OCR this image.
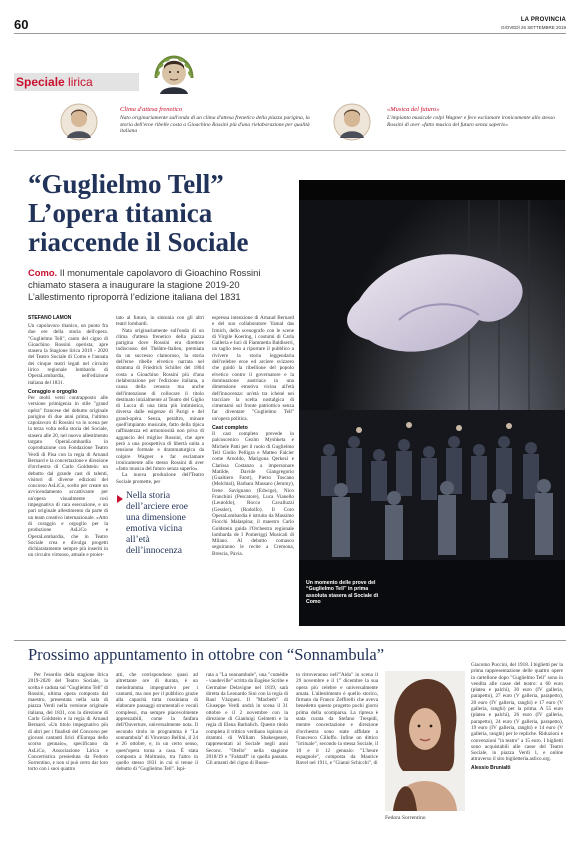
60	LA PROVINCIA
GIOVEDÌ 26 SETTEMBRE 2019
Speciale lirica
Clima d'attesa frenetico
Nato originariamente sull'onda di un clima d'attesa frenetico della piazza parigina, la storia dell'eroe ribelle costa a Gioachino Rossini più d'una rielaborazione per qualità italiana
«Musica del futuro»
L'impianto musicale colpì Wagner e fece esclamare ironicamente allo stesso Rossini di aver «fatto musica del futuro senza saperlo»
“Guglielmo Tell”
L’opera titanica
riaccende il Sociale
Como. Il monumentale capolavoro di Gioachino Rossini chiamato stasera a inaugurare la stagione 2019-20 L’allestimento riproporrà l’edizione italiana del 1831
Un momento delle prove del “Guglielmo Tell” in prima assoluta stasera al Sociale di Como
STEFANO LAMON
Un capolavoro titanico, un punto fra due ere della storia dell'opera. "Guglielmo Tell", canto del cigno di Gioachino Rossini operista, apre stasera la Stagione lirica 2019 - 2020 del Teatro Sociale di Como e l'annata dei cinque teatri legati nel circuito lirico regionale lombardo di OperaLombardia, nell'edizione italiana del 1831.
Coraggio e orgoglio
Per molti versi contrapposto alle versione primigenia in stile "grand opéra" francese del debutto originale parigino di due anni prima, l'ultimo capolavoro di Rossini va in scena per la terza volta nella storia del Sociale, stasera alle 20, nel nuovo allestimento targato OperaLombardia in coproduzione con Fondazione Teatro Verdi di Pisa con la regia di Arnaud Bernard e la concertazione e direzione d'orchestra di Carlo Goldstein: un debutto dal grande cast di talenti, visitori di diverse edizioni del concorso AsLiCo, scelto per creare un avvicendamento accattivante per un'opera visualmente così impegnativa di rara esecuzione, e un pari originale allestimento da parte di un team creativo internazionale. «Atto di coraggio e orgoglio per la produzione AsLiCo e OperaLombardia, che in Teatro Sociale crea e divulga progetti dichiaratamente sempre più inseriti in un circuito virtuoso, attuale e proiet-
tato al futuro, in sintonia con gli altri teatri lombardi.
Nata originariamente sull'onda di un clima d'attesa frenetico della piazza parigina dove Rossini era direttore indiscusso del Théâtre-Italien, premiata da un successo clamoroso, la storia dell'eroe ribelle elvetico narrata nel dramma di Friedrich Schiller del 1804 costa a Gioachino Rossini più d'una rielaborazione per l'edizione italiana, a causa della censura ma anche dell'intenzione di collocare il titolo destinato inizialmente al Teatro del Giglio di Lucca di una tinta più intimistica, diversa dalle esigenze di Parigi e del grand-opéra. Senza, peraltro, minare quell'impianto musicale, fatto della tipica raffinatezza ed armoniosità non priva di aggancio del miglior Rossini, che apre però a una prospettiva di libertà unita a tensione formale e drammaturgica da colpire Wagner e far esclamare ironicamente allo stesso Rossini di aver «fatto musica del futuro senza saperlo».
La nuova produzione dell'Teatro Sociale promette, per
Nella storia dell’arciere eroe una dimensione emotiva vicina all’età dell’innocenza
espressa intenzione di Arnaud Bernard e del suo collaboratore Yamal das Irmich, dello scenografo con le scene di Virgile Koering, i costumi di Carla Galleria e luci di Fiammetta Baldiserri, un taglio teso a riportare il pubblico a rivivere la storia leggendaria dell'celebre eroe ed arciere svizzero che guidò la ribellione del popolo elvetico contro il governatore e la dominazione austriaca in una dimensione emotiva vicina all'età dell'innocenza: un'età tra ichené nei tracciare la scelta nostalgica di cimentarsi sul fronte patriottico senza far diventare "Guglielmo Tell" un'opera politica.
Cast completo
Il cast completo prevede in palcoscenico Gezim Myshketa e Michele Patti per il ruolo di Guglielmo Tell Giulio Pelligra e Matteo Falcier come Arnoldo, Marigona Qerkezi e Clarissa Costanzo a impersonare Matilde, Davide Giangregorio (Gualtiero Farst), Pietro Toscano (Melchtal), Barbara Massaro (Jemmy), Irene Savignano (Edwige), Nico Franchini (Pescatore), Luca Vianello (Leutoldo), Rocco Cavalluzzi (Gessler), (Rodolfo). Il Coro OperaLombardia è istruito da Massimo Fiocchi Malaspina; il maestro Carlo Goldstein guida l'Orchestra regionale lombarda de I Pomeriggi Musicali di Milano. Al debutto comasco seguiranno le recite a Cremona, Brescia, Pavia.
Prossimo appuntamento in ottobre con “Sonnambula”
Per l'esordio della stagione lirica 2019-2020 del Teatro Sociale, la scelta è caduta sul "Guglielmo Tell" di Rossini, ultima opera composta dal maestro, presentata nella sala di piazza Verdi nella versione originale italiana, del 1831, con la direzione di Carlo Goldstein e la regia di Arnaud Bernard. «Un titolo impegnativo più di altri per i finalisti del Concorso per giovani cantanti lirici d'Europa dello scorso gennaio», specificano da AsLiCo, Associazione Lirica e Concertistica presieduta da Fedoro Sorrentino, e non si può certo dar loro torto con i suoi quattro
atti, che corrispondono quasi ad altrettante ore di durata, è un melodramma impegnativo per i cantanti, ma non per il pubblico grazie alla capacità tutta rossiniana di elaborare passaggi strumentali e vocali complessi, ma sempre piacevolmente apprezzabili, come la fanfara dell'Ouverture, universalmente nota. Il secondo titolo in programma è "La sonnambula" di Vincenzo Bellini, il 24 e 26 ottobre, e, in un certo senso, quest'opera torna a casa. È stata composta a Moltrasio, tra l'altro in quello stesso 1831 in cui si tenne il debutto di "Guglielmo Tell". Ispi-
rata a "La sonnambule", una "comédie - vaudeville" scritta da Eugène Scribe e Germaine Delavigne nel 1819, sarà diretta da Leonardo Sini con la regia di Raul Vázquez. Il "Macbeth" di Giuseppe Verdi andrà in scena il 31 ottobre e il 2 novembre con la direzione di Gianluigi Gelmetti e la regia di Elena Barbalich. Questo titolo completa il trittico verdiano ispirato ai drammi di William Shakespeare, rappresentati al Sociale negli anni Seconc. "Otello" nella stagione 2018/19 e "Falstaff" in quella passata. Gli amanti del cigno di Busse-
to ritroveranno nell'"Aida" in scena il 29 novembre e il 1° dicembre la sua opera più celebre e universalmente amata. L'allestimento è quello storico, firmato da Franco Zeffirelli che aveva benedetto questo progetto pochi giorni prima della scomparsa. La ripresa è stata curata da Stefano Trespidi, mentre concertazione e direzione d'orchestra sono state affidate a Francesco Cilluffo. Infine un dittico "irrituale", secondo la stessa Sociale, il 10 e il 12 gennaio: "L'heure espagnole", composta da Maurice Ravel nel 1911, e "Gianni Schicchi", di
Fedora Sorrentino
Giacomo Puccini, del 1918. I biglietti per la prima rappresentazione delle quattro opere in cartellone dopo "Guglielmo Tell" sono in vendita alle casse del teatro: a 60 euro (platea e palchi), 30 euro (IV galleria, parapetto), 27 euro (V galleria, parapetto), 20 euro (IV galleria, ranghi) e 17 euro (V galleria, ranghi) per la prima. A 55 euro (platea e palchi), 26 euro (IV galleria, parapetto), 24 euro (V galleria, parapetto), 19 euro (IV galleria, ranghi) e 14 euro (V galleria, ranghi) per le repliche. Riduzioni e convenzioni "in teatro" a 15 euro. I biglietti sono acquistabili alle casse del Teatro Sociale, in piazza Verdi 1, e online attraverso il sito biglietteria.aslico.org.
Alessio Brunialti
